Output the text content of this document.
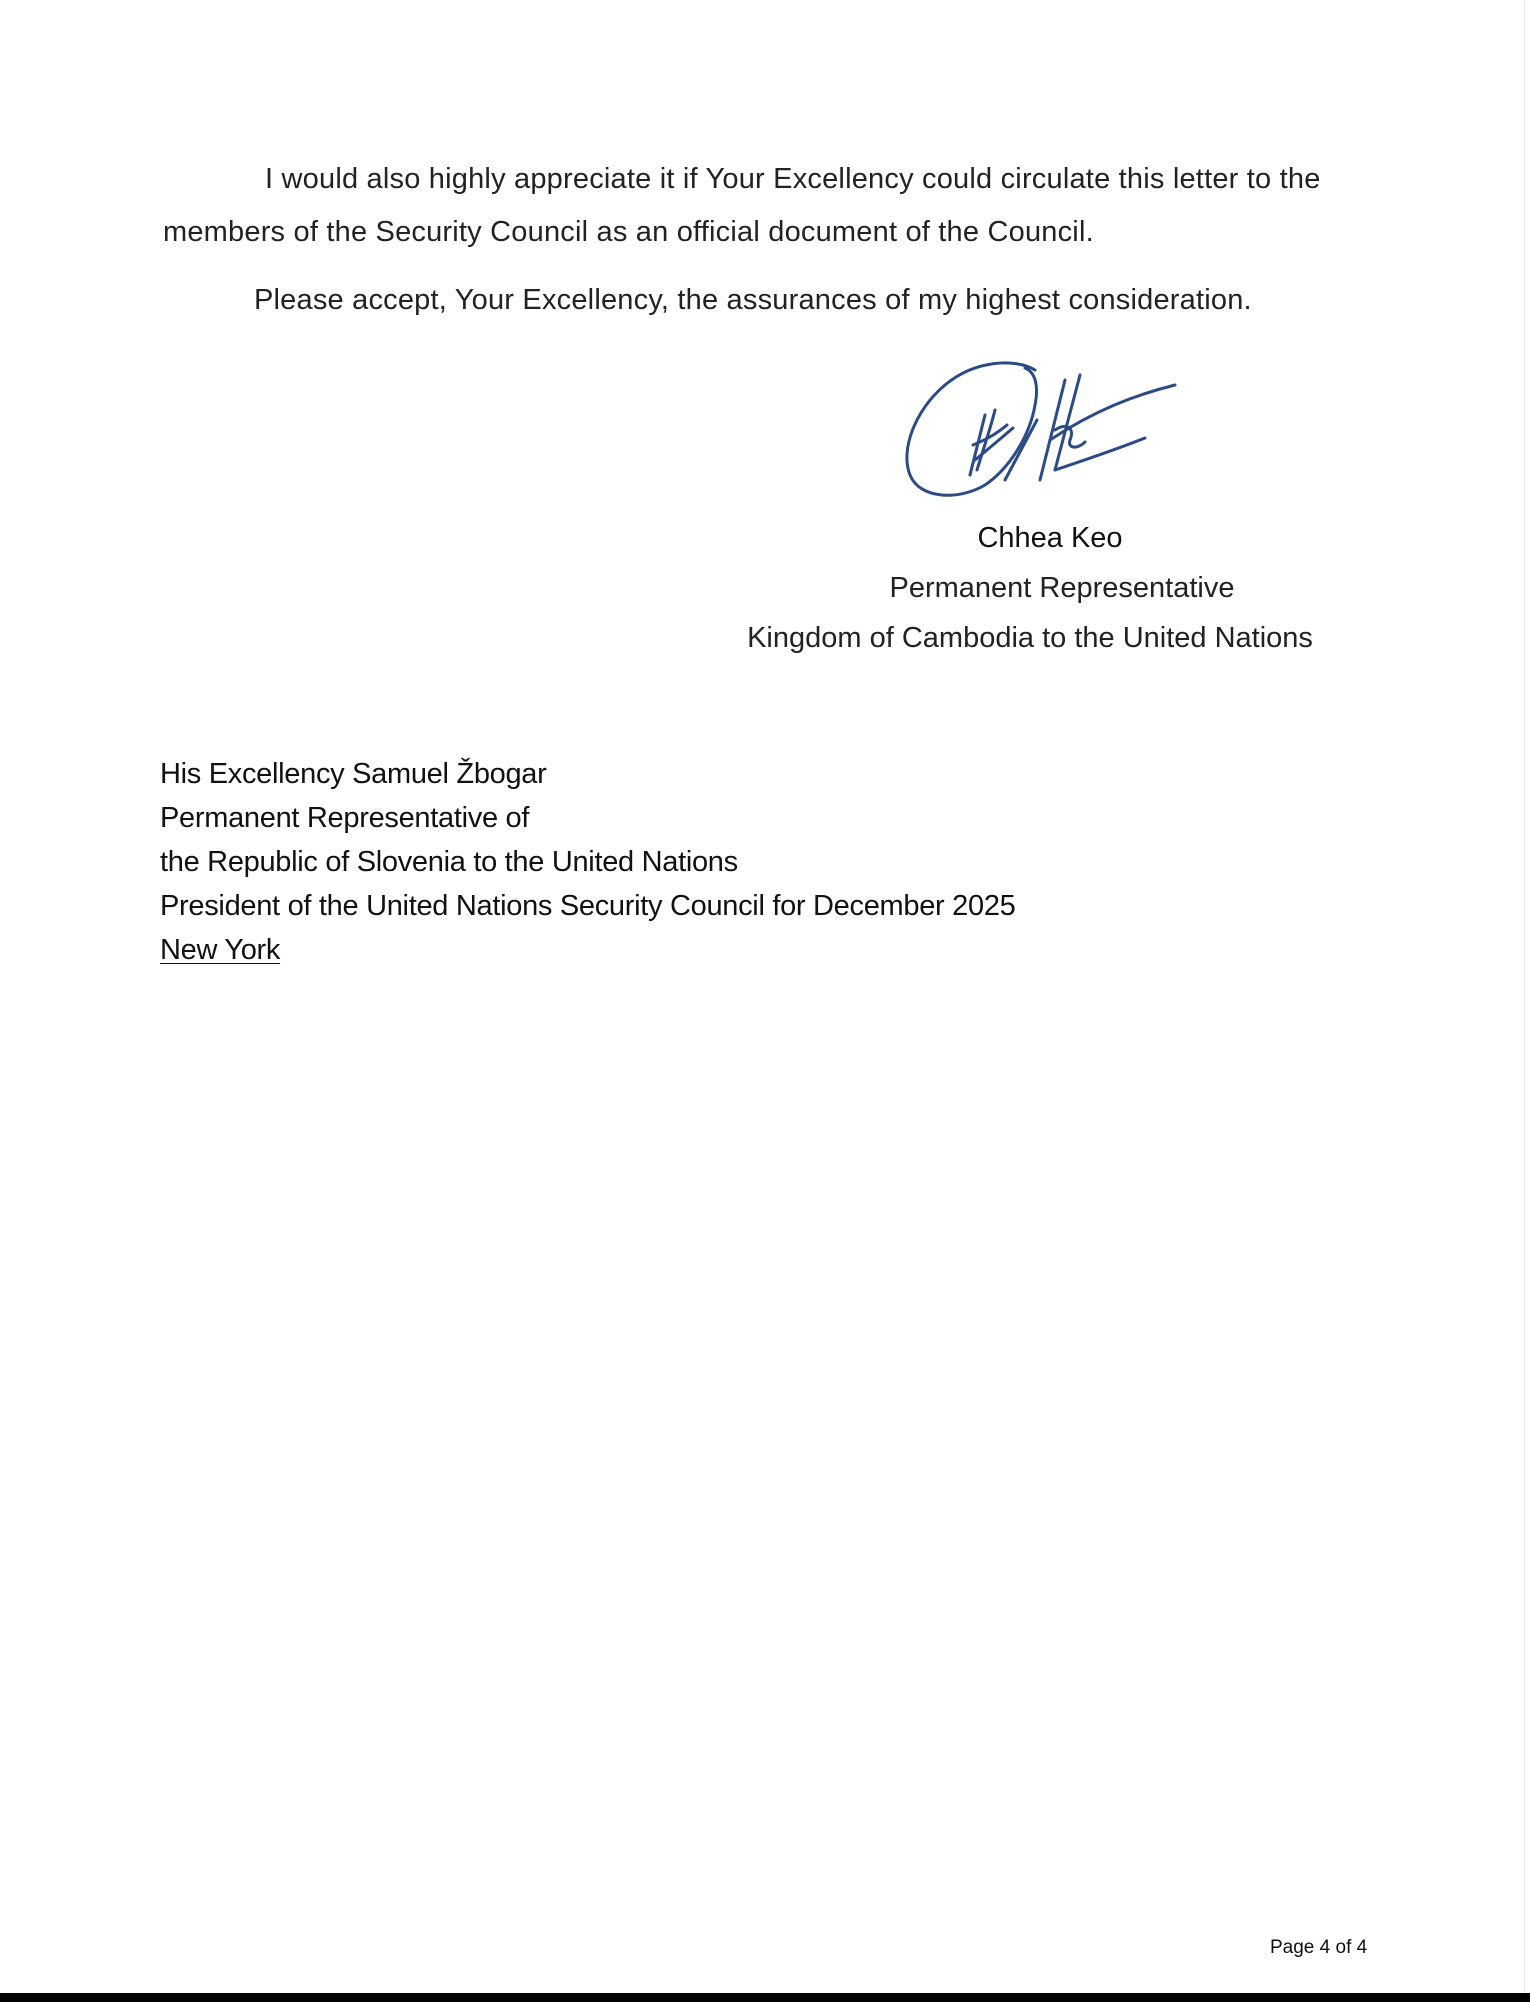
I would also highly appreciate it if Your Excellency could circulate this letter to the
members of the Security Council as an official document of the Council.
Please accept, Your Excellency, the assurances of my highest consideration.
Chhea Keo
Permanent Representative
Kingdom of Cambodia to the United Nations
His Excellency Samuel Žbogar
Permanent Representative of
the Republic of Slovenia to the United Nations
President of the United Nations Security Council for December 2025
New York
Page 4 of 4
